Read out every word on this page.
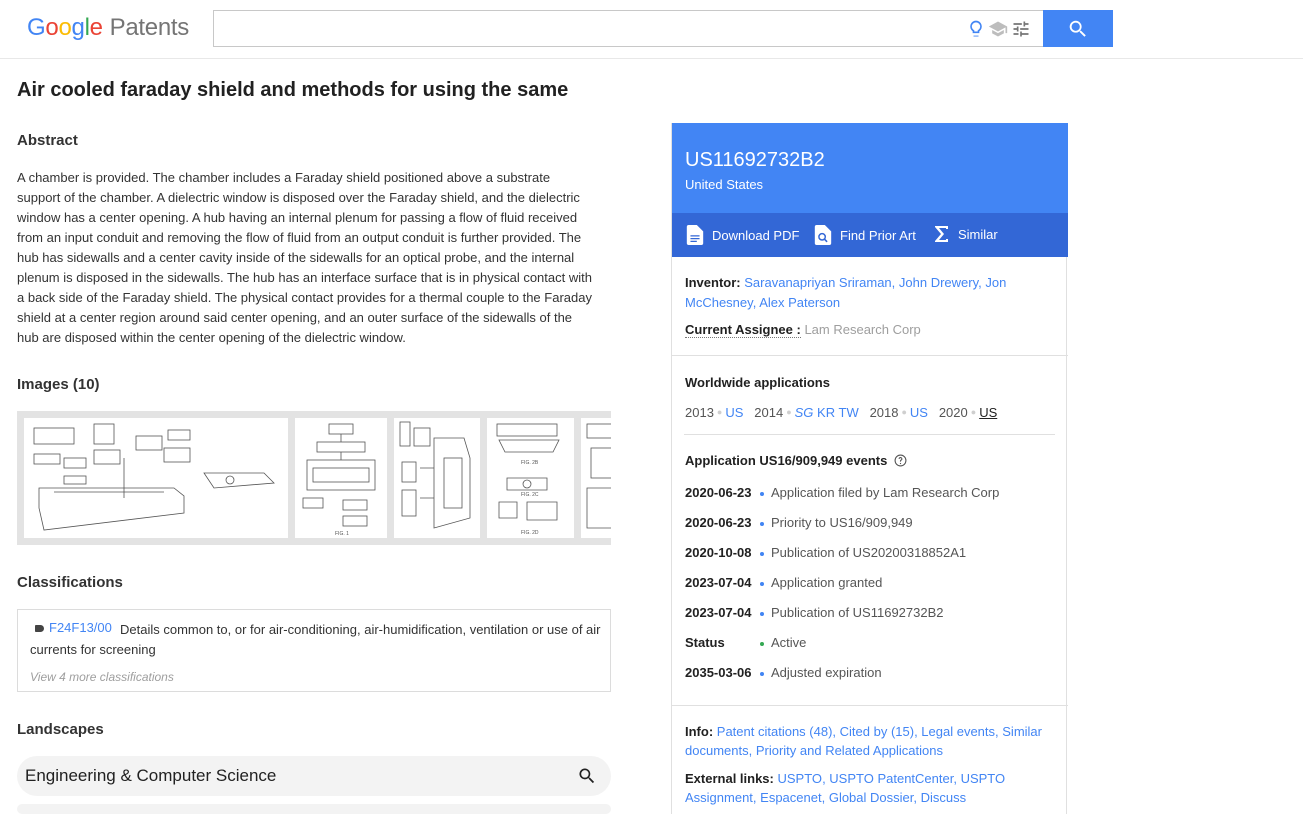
Google Patents
Air cooled faraday shield and methods for using the same
Abstract
A chamber is provided. The chamber includes a Faraday shield positioned above a substrate support of the chamber. A dielectric window is disposed over the Faraday shield, and the dielectric window has a center opening. A hub having an internal plenum for passing a flow of fluid received from an input conduit and removing the flow of fluid from an output conduit is further provided. The hub has sidewalls and a center cavity inside of the sidewalls for an optical probe, and the internal plenum is disposed in the sidewalls. The hub has an interface surface that is in physical contact with a back side of the Faraday shield. The physical contact provides for a thermal couple to the Faraday shield at a center region around said center opening, and an outer surface of the sidewalls of the hub are disposed within the center opening of the dielectric window.
Images (10)
FIG. 1
FIG. 2B
FIG. 2C
FIG. 2D
Classifications
Details common to, or for air-conditioning, air-humidification, ventilation or use of air currents for screening
F24F13/00
View 4 more classifications
Landscapes
Engineering & Computer Science
US11692732B2
United States
Download PDF	Find Prior Art	Similar
Inventor: Saravanapriyan Sriraman, John Drewery, Jon McChesney, Alex Paterson
Current Assignee : Lam Research Corp
Worldwide applications
2013 ● US 2014 ● SG KR TW 2018 ● US 2020 ● US
Application US16/909,949 events
2020-06-23 Application filed by Lam Research Corp
2020-06-23 Priority to US16/909,949
2020-10-08 Publication of US20200318852A1
2023-07-04 Application granted
2023-07-04 Publication of US11692732B2
Status	Active
2035-03-06 Adjusted expiration
Info: Patent citations (48), Cited by (15), Legal events, Similar documents, Priority and Related Applications
External links: USPTO, USPTO PatentCenter, USPTO Assignment, Espacenet, Global Dossier, Discuss
